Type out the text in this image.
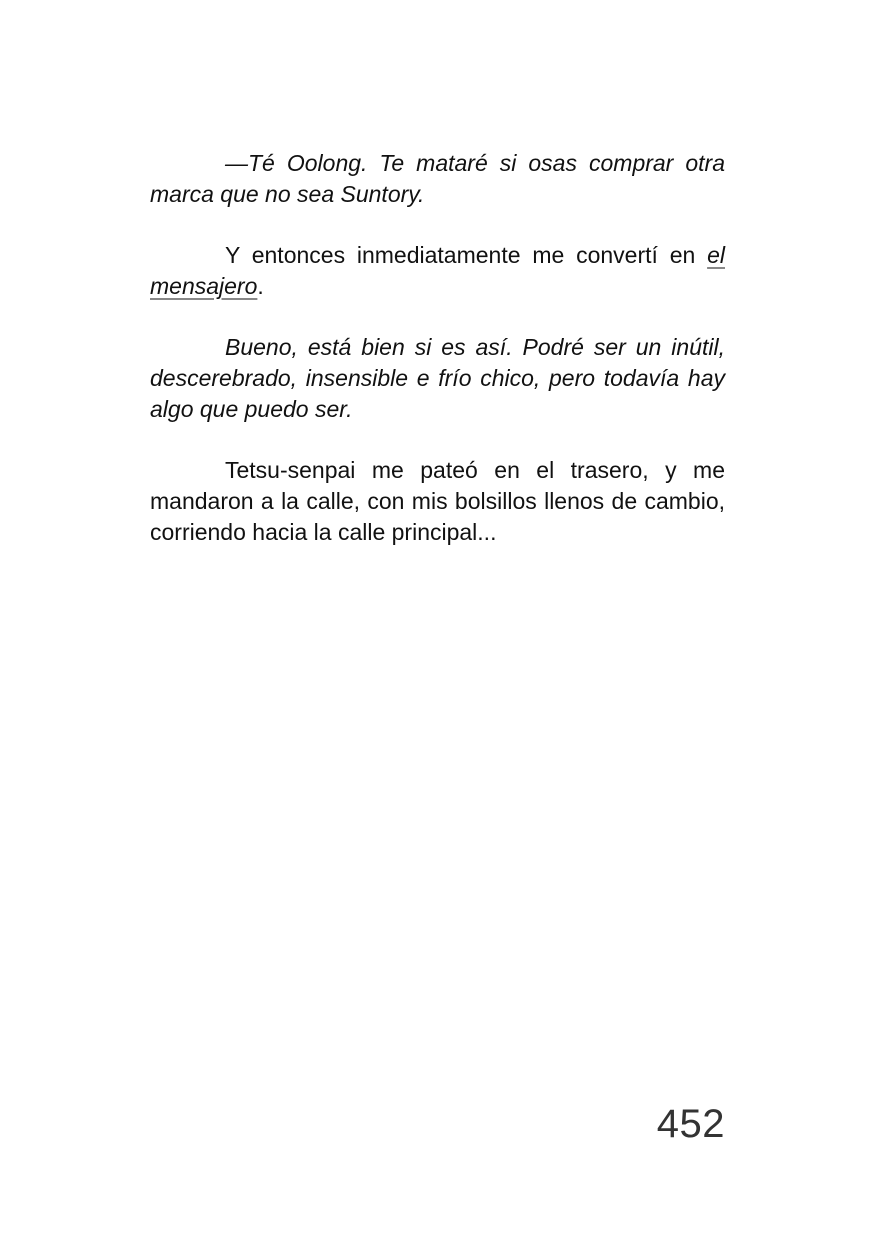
—Té Oolong. Te mataré si osas comprar otra marca que no sea Suntory.

Y entonces inmediatamente me convertí en el mensajero.

Bueno, está bien si es así. Podré ser un inútil, descerebrado, insensible e frío chico, pero todavía hay algo que puedo ser.

Tetsu-senpai me pateó en el trasero, y me mandaron a la calle, con mis bolsillos llenos de cambio, corriendo hacia la calle principal...

452
